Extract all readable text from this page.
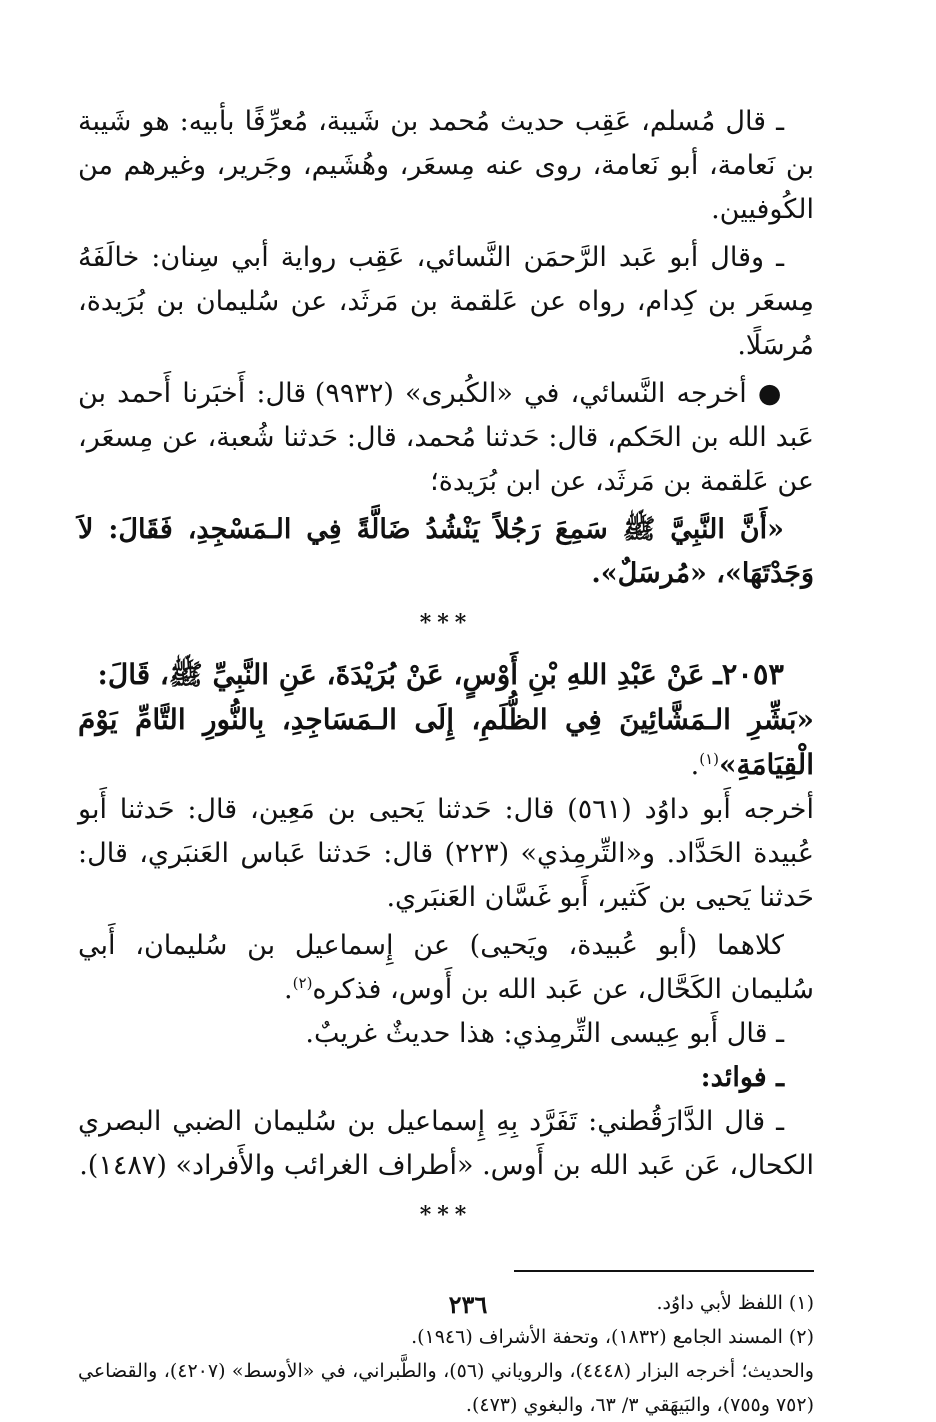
ـ قال مُسلم، عَقِب حديث مُحمد بن شَيبة، مُعرِّفًا بأبيه: هو شَيبة بن نَعامة، أبو نَعامة، روى عنه مِسعَر، وهُشَيم، وجَرير، وغيرهم من الكُوفيين.

ـ وقال أبو عَبد الرَّحمَن النَّسائي، عَقِب رواية أبي سِنان: خالَفَهُ مِسعَر بن كِدام، رواه عن عَلقمة بن مَرثَد، عن سُليمان بن بُرَيدة، مُرسَلًا.

● أخرجه النَّسائي، في «الكُبرى» (٩٩٣٢) قال: أَخبَرنا أَحمد بن عَبد الله بن الحَكم، قال: حَدثنا مُحمد، قال: حَدثنا شُعبة، عن مِسعَر، عن عَلقمة بن مَرثَد، عن ابن بُرَيدة؛

«أَنَّ النَّبِيَّ ﷺ سَمِعَ رَجُلاً يَنْشُدُ ضَالَّةً فِي الـمَسْجِدِ، فَقَالَ: لاَ وَجَدْتَهَا»، «مُرسَلٌ».

***

٢٠٥٣ـ عَنْ عَبْدِ اللهِ بْنِ أَوْسٍ، عَنْ بُرَيْدَةَ، عَنِ النَّبِيِّ ﷺ، قَالَ:

«بَشِّرِ الـمَشَّائِينَ فِي الظُّلَمِ، إِلَى الـمَسَاجِدِ، بِالنُّورِ التَّامِّ يَوْمَ الْقِيَامَةِ»$^{(١)}$.

أخرجه أَبو داوُد (٥٦١) قال: حَدثنا يَحيى بن مَعِين، قال: حَدثنا أَبو عُبيدة الحَدَّاد. و«التِّرمِذي» (٢٢٣) قال: حَدثنا عَباس العَنبَري، قال: حَدثنا يَحيى بن كَثير، أَبو غَسَّان العَنبَري.

كلاهما (أبو عُبيدة، ويَحيى) عن إِسماعيل بن سُليمان، أَبي سُليمان الكَحَّال، عن عَبد الله بن أَوس، فذكره$^{(٢)}$.

ـ قال أَبو عِيسى التِّرمِذي: هذا حديثٌ غريبٌ.

ـ فوائد:

ـ قال الدَّارَقُطني: تَفَرَّد بِهِ إِسماعيل بن سُليمان الضبي البصري الكحال، عَن عَبد الله بن أَوس. «أطراف الغرائب والأَفراد» (١٤٨٧).

***

(١) اللفظ لأبي داوُد.

(٢) المسند الجامع (١٨٣٢)، وتحفة الأشراف (١٩٤٦).

والحديث؛ أخرجه البزار (٤٤٤٨)، والروياني (٥٦)، والطَّبراني، في «الأوسط» (٤٢٠٧)، والقضاعي (٧٥٢ و٧٥٥)، والبَيهَقي ٣/ ٦٣، والبغوي (٤٧٣).

٢٣٦
